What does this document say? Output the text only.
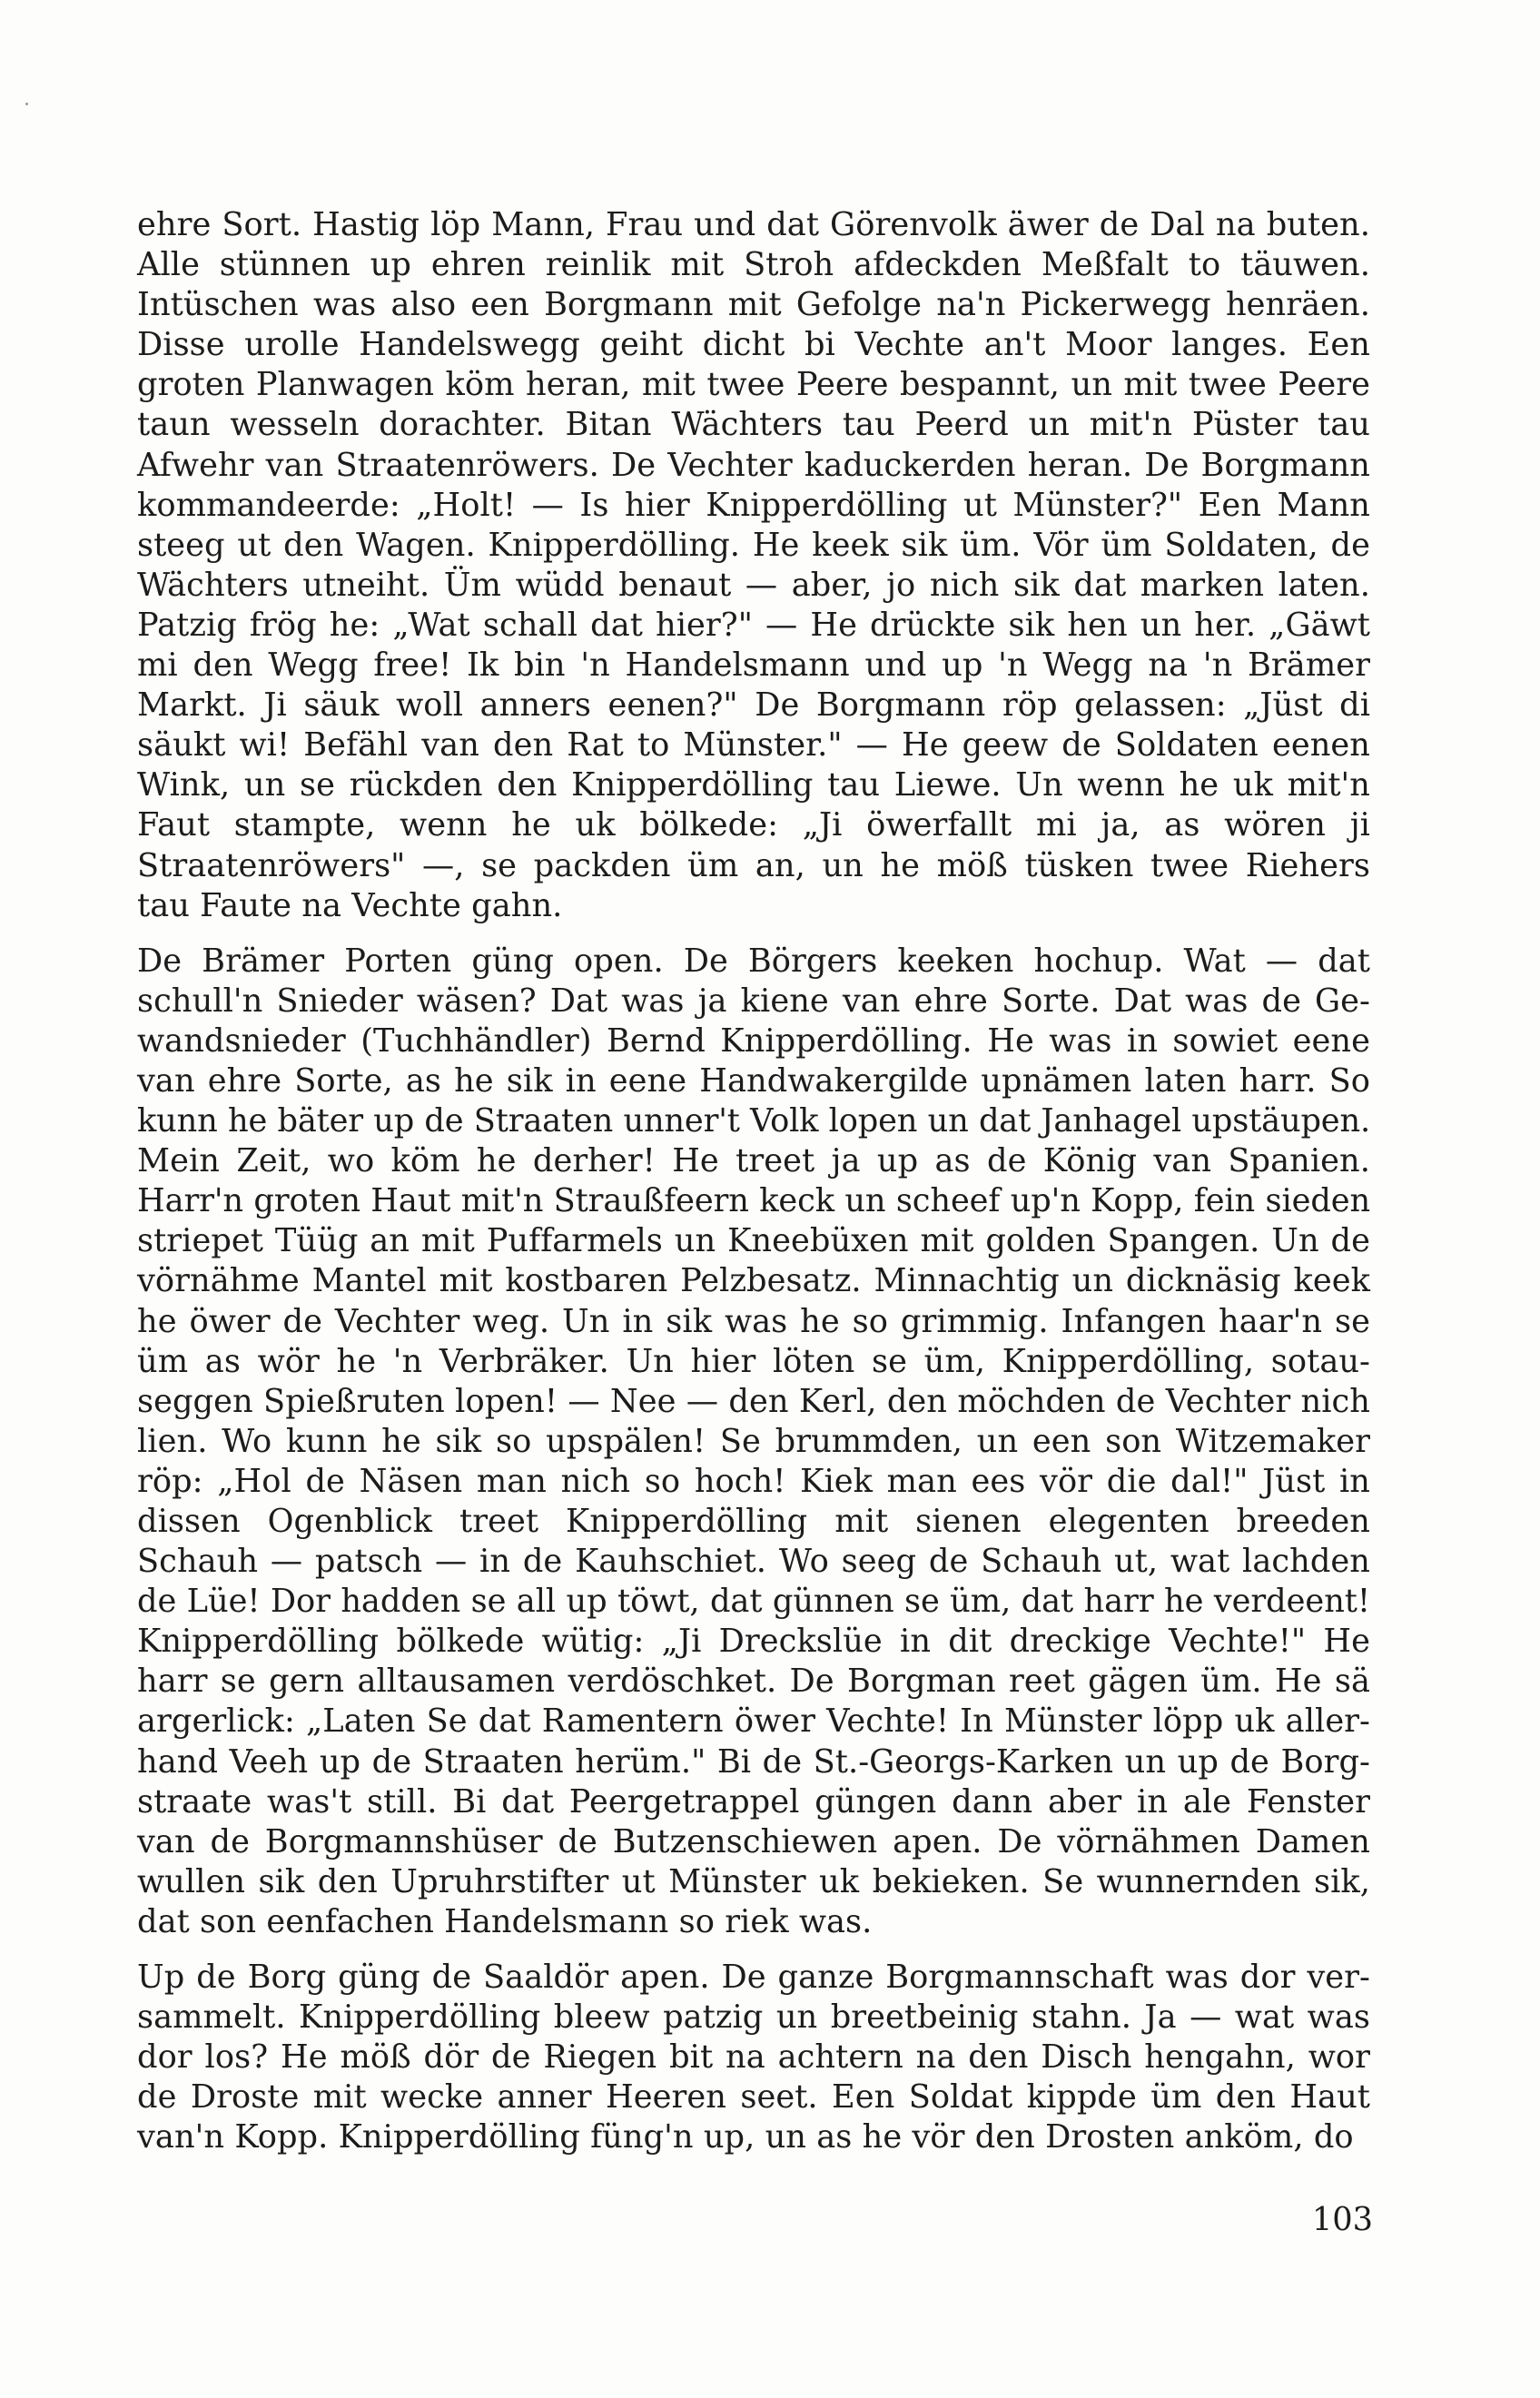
ehre Sort. Hastig löp Mann, Frau und dat Görenvolk äwer de Dal na buten.
Alle stünnen up ehren reinlik mit Stroh afdeckden Meßfalt to täuwen.
Intüschen was also een Borgmann mit Gefolge na'n Pickerwegg henräen.
Disse urolle Handelswegg geiht dicht bi Vechte an't Moor langes. Een
groten Planwagen köm heran, mit twee Peere bespannt, un mit twee Peere
taun wesseln dorachter. Bitan Wächters tau Peerd un mit'n Püster tau
Afwehr van Straatenröwers. De Vechter kaduckerden heran. De Borgmann
kommandeerde: „Holt! — Is hier Knipperdölling ut Münster?" Een Mann
steeg ut den Wagen. Knipperdölling. He keek sik üm. Vör üm Soldaten, de
Wächters utneiht. Üm wüdd benaut — aber, jo nich sik dat marken laten.
Patzig frög he: „Wat schall dat hier?" — He drückte sik hen un her. „Gäwt
mi den Wegg free! Ik bin 'n Handelsmann und up 'n Wegg na 'n Brämer
Markt. Ji säuk woll anners eenen?" De Borgmann röp gelassen: „Jüst di
säukt wi! Befähl van den Rat to Münster." — He geew de Soldaten eenen
Wink, un se rückden den Knipperdölling tau Liewe. Un wenn he uk mit'n
Faut stampte, wenn he uk bölkede: „Ji öwerfallt mi ja, as wören ji
Straatenröwers" —, se packden üm an, un he möß tüsken twee Riehers
tau Faute na Vechte gahn.
De Brämer Porten güng open. De Börgers keeken hochup. Wat — dat
schull'n Snieder wäsen? Dat was ja kiene van ehre Sorte. Dat was de Ge-
wandsnieder (Tuchhändler) Bernd Knipperdölling. He was in sowiet eene
van ehre Sorte, as he sik in eene Handwakergilde upnämen laten harr. So
kunn he bäter up de Straaten unner't Volk lopen un dat Janhagel upstäupen.
Mein Zeit, wo köm he derher! He treet ja up as de König van Spanien.
Harr'n groten Haut mit'n Straußfeern keck un scheef up'n Kopp, fein sieden
striepet Tüüg an mit Puffarmels un Kneebüxen mit golden Spangen. Un de
vörnähme Mantel mit kostbaren Pelzbesatz. Minnachtig un dicknäsig keek
he öwer de Vechter weg. Un in sik was he so grimmig. Infangen haar'n se
üm as wör he 'n Verbräker. Un hier löten se üm, Knipperdölling, sotau-
seggen Spießruten lopen! — Nee — den Kerl, den möchden de Vechter nich
lien. Wo kunn he sik so upspälen! Se brummden, un een son Witzemaker
röp: „Hol de Näsen man nich so hoch! Kiek man ees vör die dal!" Jüst in
dissen Ogenblick treet Knipperdölling mit sienen elegenten breeden
Schauh — patsch — in de Kauhschiet. Wo seeg de Schauh ut, wat lachden
de Lüe! Dor hadden se all up töwt, dat günnen se üm, dat harr he verdeent!
Knipperdölling bölkede wütig: „Ji Dreckslüe in dit dreckige Vechte!" He
harr se gern alltausamen verdöschket. De Borgman reet gägen üm. He sä
argerlick: „Laten Se dat Ramentern öwer Vechte! In Münster löpp uk aller-
hand Veeh up de Straaten herüm." Bi de St.-Georgs-Karken un up de Borg-
straate was't still. Bi dat Peergetrappel güngen dann aber in ale Fenster
van de Borgmannshüser de Butzenschiewen apen. De vörnähmen Damen
wullen sik den Upruhrstifter ut Münster uk bekieken. Se wunnernden sik,
dat son eenfachen Handelsmann so riek was.
Up de Borg güng de Saaldör apen. De ganze Borgmannschaft was dor ver-
sammelt. Knipperdölling bleew patzig un breetbeinig stahn. Ja — wat was
dor los? He möß dör de Riegen bit na achtern na den Disch hengahn, wor
de Droste mit wecke anner Heeren seet. Een Soldat kippde üm den Haut
van'n Kopp. Knipperdölling füng'n up, un as he vör den Drosten anköm, do
103
